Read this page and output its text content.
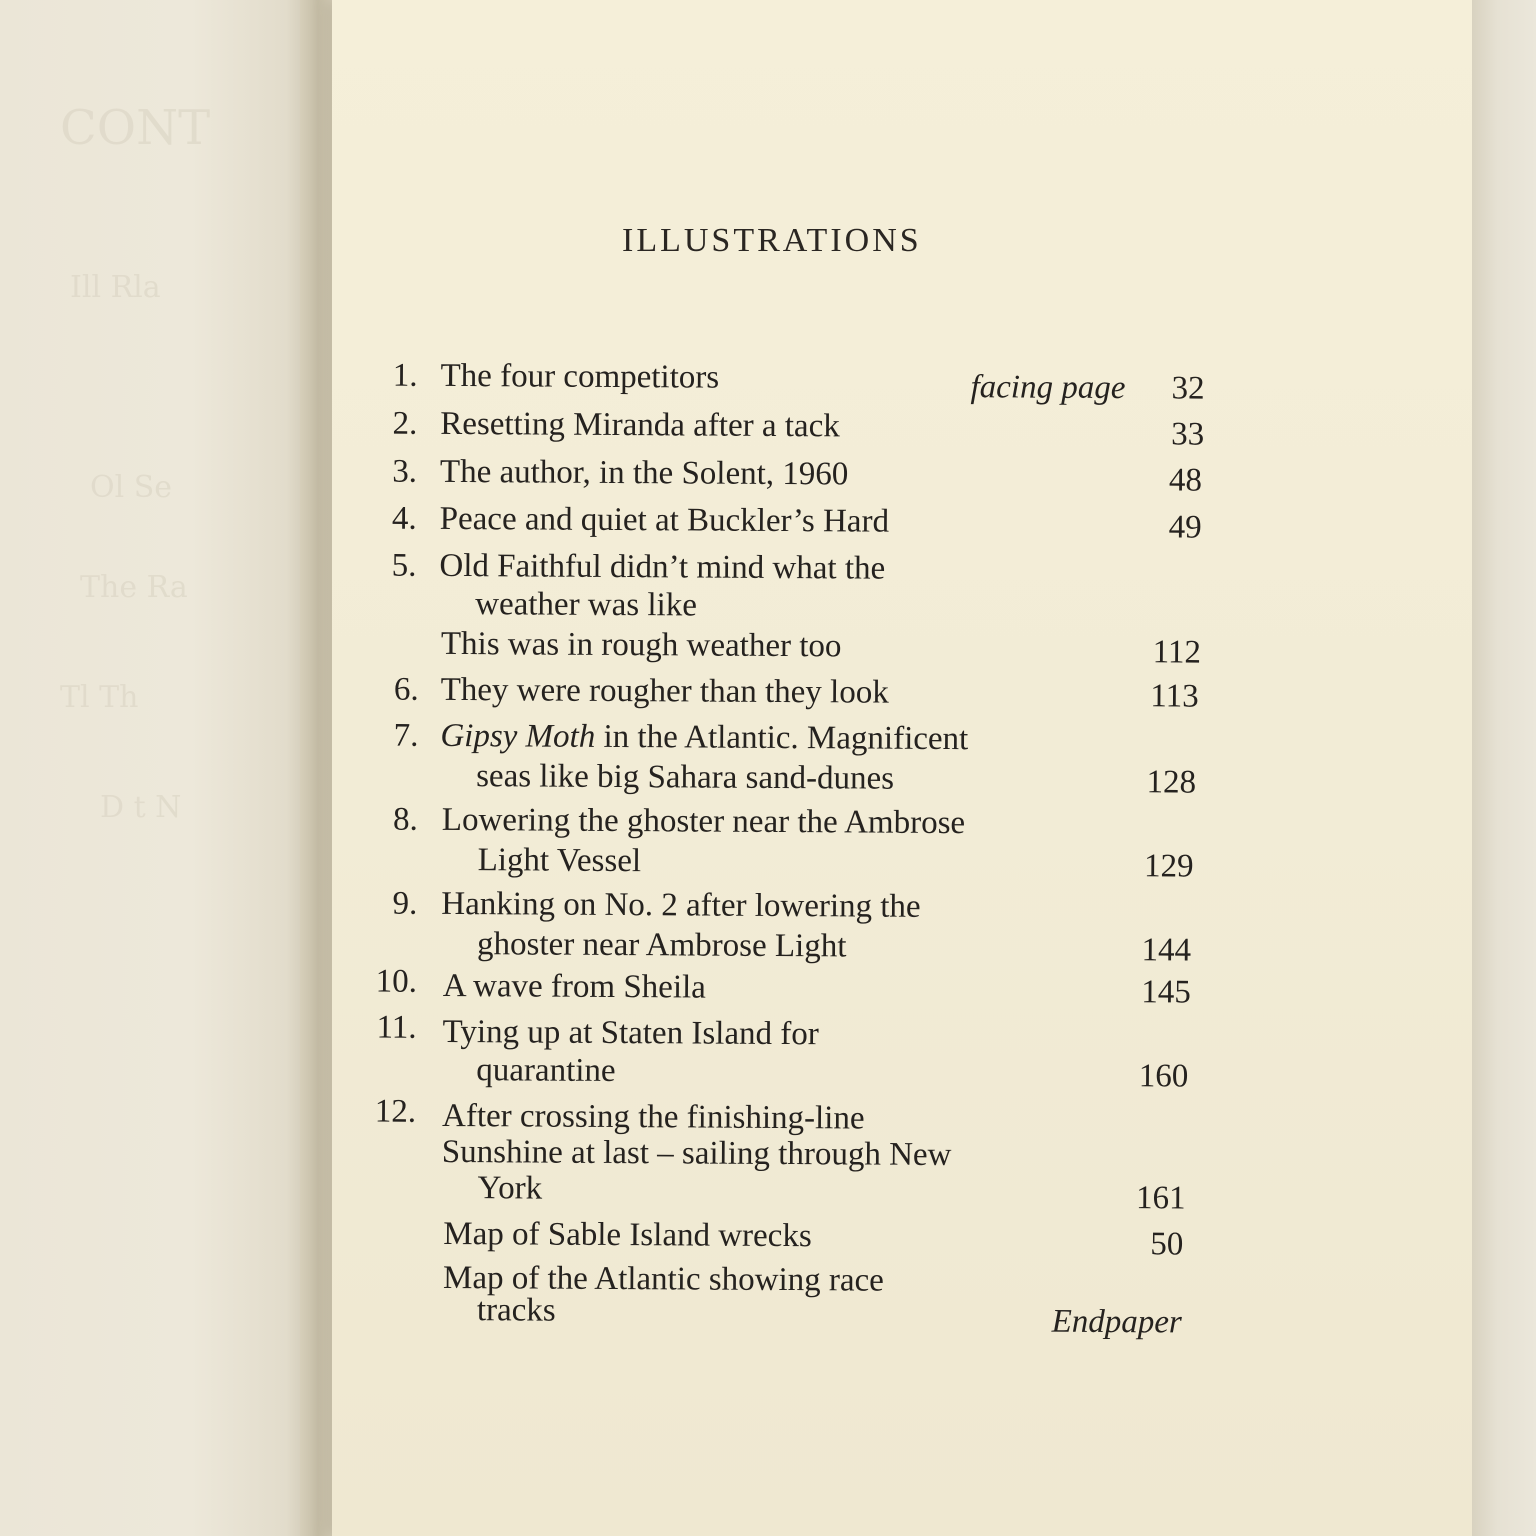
CONT
Ill Rla
Ol Se
The Ra
Tl Th
D t N
ILLUSTRATIONS
1. The four competitors	facing page	32
2. Resetting Miranda after a tack	33
3. The author, in the Solent, 1960	48
4. Peace and quiet at Buckler’s Hard	49
5. Old Faithful didn’t mind what the
weather was like
This was in rough weather too	112
6. They were rougher than they look	113
7. Gipsy Moth in the Atlantic. Magnificent
seas like big Sahara sand-dunes	128
8. Lowering the ghoster near the Ambrose
Light Vessel	129
9. Hanking on No. 2 after lowering the
ghoster near Ambrose Light	144
10. A wave from Sheila	145
11. Tying up at Staten Island for
quarantine	160
12. After crossing the finishing-line
Sunshine at last – sailing through New
York	161
Map of Sable Island wrecks	50
Map of the Atlantic showing race
tracks	Endpaper
